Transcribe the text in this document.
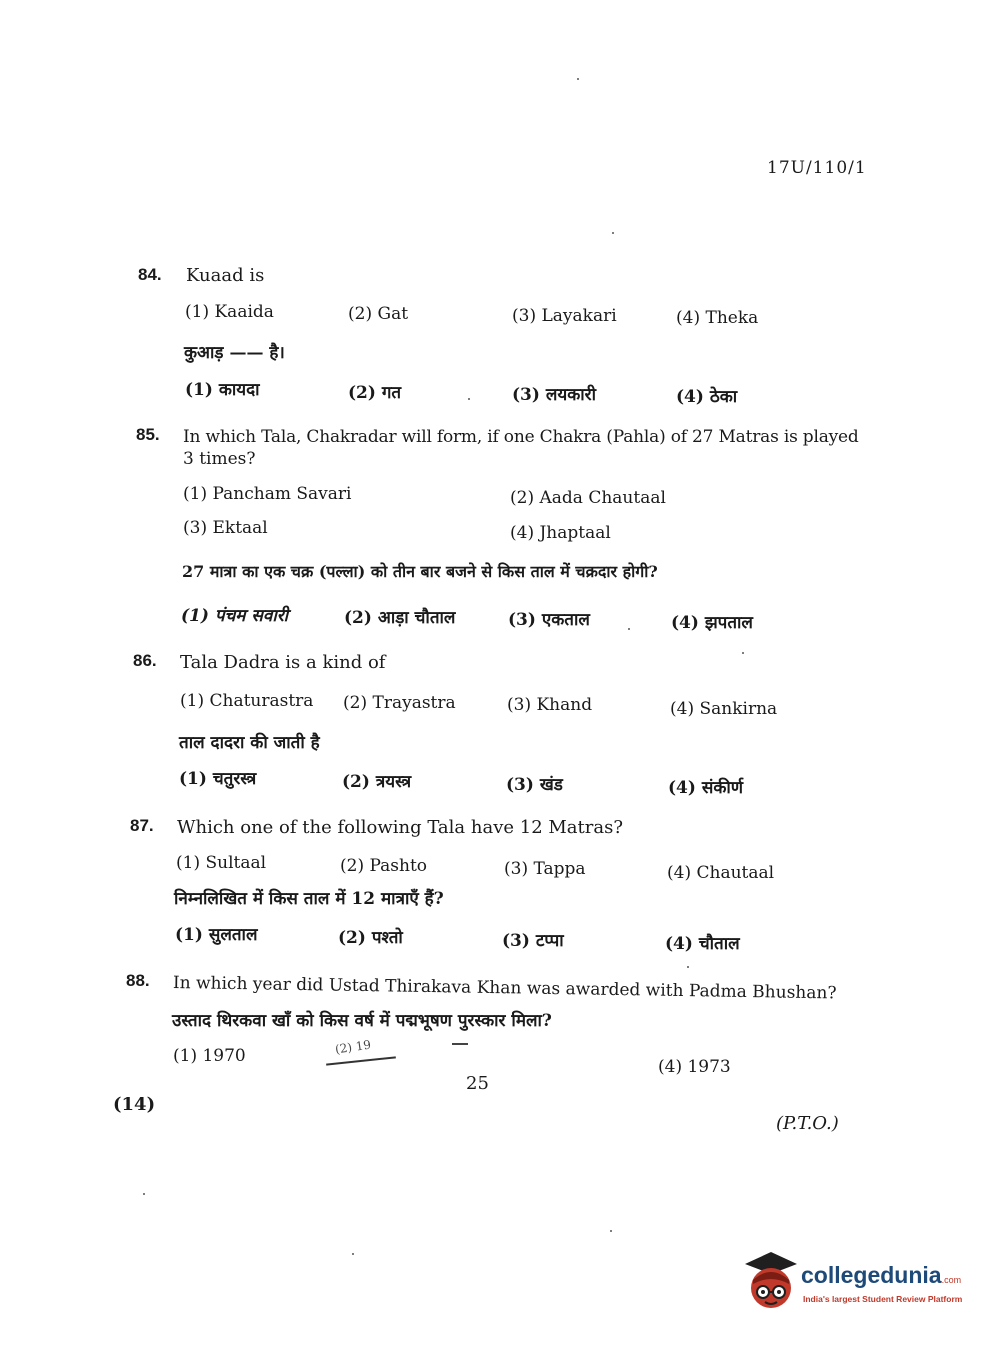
17U/110/1
84. Kuaad is
(1) Kaaida	(2) Gat	(3) Layakari	(4) Theka
कुआड़ —— है।
(1) कायदा	(2) गत	(3) लयकारी	(4) ठेका
85. In which Tala, Chakradar will form, if one Chakra (Pahla) of 27 Matras is played
3 times?
(1) Pancham Savari	(2) Aada Chautaal
(3) Ektaal	(4) Jhaptaal
27 मात्रा का एक चक्र (पल्ला) को तीन बार बजने से किस ताल में चक्रदार होगी?
(1) पंचम सवारी	(2) आड़ा चौताल	(3) एकताल	(4) झपताल
86. Tala Dadra is a kind of
(1) Chaturastra (2) Trayastra	(3) Khand	(4) Sankirna
ताल दादरा की जाती है
(1) चतुरस्त्र	(2) त्रयस्त्र	(3) खंड	(4) संकीर्ण
87. Which one of the following Tala have 12 Matras?
(1) Sultaal	(2) Pashto	(3) Tappa	(4) Chautaal
निम्नलिखित में किस ताल में 12 मात्राएँ हैं?
(1) सुलताल	(2) पश्तो	(3) टप्पा	(4) चौताल
88. In which year did Ustad Thirakava Khan was awarded with Padma Bhushan?
उस्ताद थिरकवा खाँ को किस वर्ष में पद्मभूषण पुरस्कार मिला?
(1) 1970	(2) 19
(4) 1973
25
(14)
(P.T.O.)
collegedunia.com
India's largest Student Review Platform
